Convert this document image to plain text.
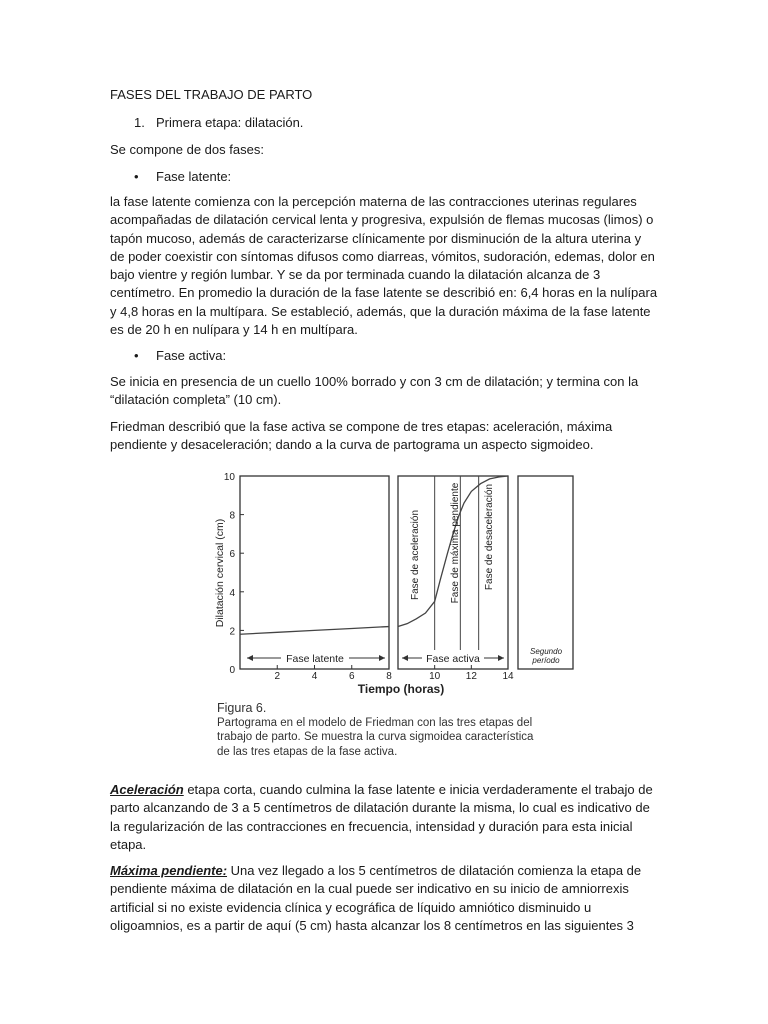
FASES DEL TRABAJO DE PARTO
1. Primera etapa: dilatación.
Se compone de dos fases:
• Fase latente:
la fase latente comienza con la percepción materna de las contracciones uterinas regulares
acompañadas de dilatación cervical lenta y progresiva, expulsión de flemas mucosas (limos) o
tapón mucoso, además de caracterizarse clínicamente por disminución de la altura uterina y
de poder coexistir con síntomas difusos como diarreas, vómitos, sudoración, edemas, dolor en
bajo vientre y región lumbar. Y se da por terminada cuando la dilatación alcanza de 3
centímetro. En promedio la duración de la fase latente se describió en: 6,4 horas en la nulípara
y 4,8 horas en la multípara. Se estableció, además, que la duración máxima de la fase latente
es de 20 h en nulípara y 14 h en multípara.
• Fase activa:
Se inicia en presencia de un cuello 100% borrado y con 3 cm de dilatación; y termina con la
“dilatación completa” (10 cm).
Friedman describió que la fase activa se compone de tres etapas: aceleración, máxima
pendiente y desaceleración; dando a la curva de partograma un aspecto sigmoideo.
Dilatación cervical (cm)
0
2
4
6
8
10
2	4	6	8	10	12	14
Fase latente	Fase activa
Segundo
período
Fase de aceleración	Fase de máxima pendiente Fase de desaceleración
Tiempo (horas)
Figura 6.
Partograma en el modelo de Friedman con las tres etapas del
trabajo de parto. Se muestra la curva sigmoidea característica
de las tres etapas de la fase activa.
Aceleración etapa corta, cuando culmina la fase latente e inicia verdaderamente el trabajo de
parto alcanzando de 3 a 5 centímetros de dilatación durante la misma, lo cual es indicativo de
la regularización de las contracciones en frecuencia, intensidad y duración para esta inicial
etapa.
Máxima pendiente: Una vez llegado a los 5 centímetros de dilatación comienza la etapa de
pendiente máxima de dilatación en la cual puede ser indicativo en su inicio de amniorrexis
artificial si no existe evidencia clínica y ecográfica de líquido amniótico disminuido u
oligoamnios, es a partir de aquí (5 cm) hasta alcanzar los 8 centímetros en las siguientes 3
